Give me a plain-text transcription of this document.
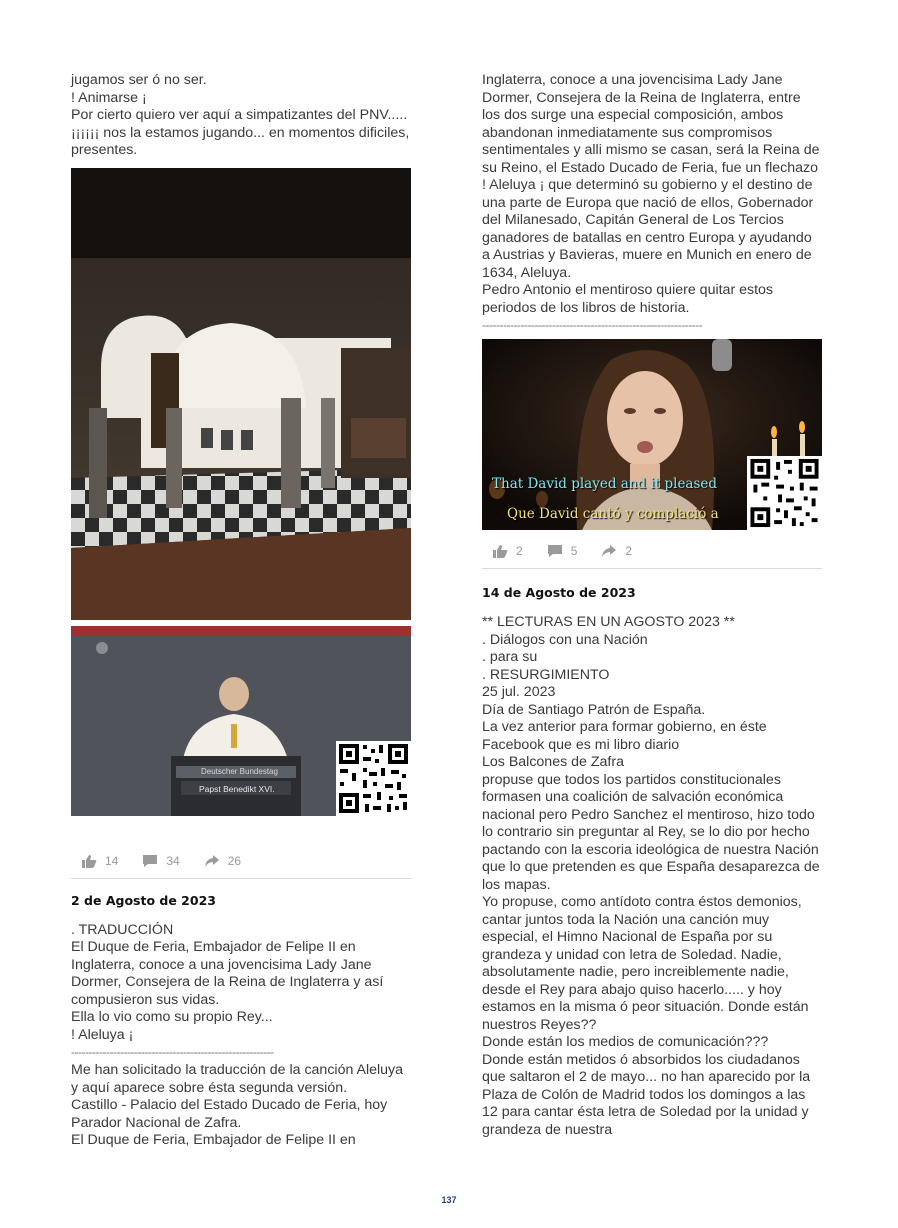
jugamos ser ó no ser.
! Animarse ¡
Por cierto quiero ver aquí a simpatizantes del PNV..... ¡¡¡¡¡¡ nos la estamos jugando... en momentos dificiles, presentes.

Deutscher Bundestag
Papst Benedikt XVI.
14	34	26

2 de Agosto de 2023

. TRADUCCIÓN
El Duque de Feria, Embajador de Felipe II en Inglaterra, conoce a una jovencisima Lady Jane Dormer, Consejera de la Reina de Inglaterra y así compusieron sus vidas.
Ella lo vio como su propio Rey...
! Aleluya ¡

----------------------------------------------------------

Me han solicitado la traducción de la canción Aleluya y aquí aparece sobre ésta segunda versión.
Castillo - Palacio del Estado Ducado de Feria, hoy Parador Nacional de Zafra.
El Duque de Feria, Embajador de Felipe II en

Inglaterra, conoce a una jovencisima Lady Jane Dormer, Consejera de la Reina de Inglaterra, entre los dos surge una especial composición, ambos abandonan inmediatamente sus compromisos sentimentales y alli mismo se casan, será la Reina de su Reino, el Estado Ducado de Feria, fue un flechazo
! Aleluya ¡ que determinó su gobierno y el destino de una parte de Europa que nació de ellos, Gobernador del Milanesado, Capitán General de Los Tercios ganadores de batallas en centro Europa y ayudando a Austrias y Bavieras, muere en Munich en enero de 1634, Aleluya.
Pedro Antonio el mentiroso quiere quitar estos periodos de los libros de historia.

---------------------------------------------------------------
That David played and it pleased
Que David cantó y complació a
2	5	2

14 de Agosto de 2023

** LECTURAS EN UN AGOSTO 2023 **
. Diálogos con una Nación
. para su
. RESURGIMIENTO
25 jul. 2023
Día de Santiago Patrón de España.
La vez anterior para formar gobierno, en éste Facebook que es mi libro diario
Los Balcones de Zafra
propuse que todos los partidos constitucionales formasen una coalición de salvación económica nacional pero Pedro Sanchez el mentiroso, hizo todo lo contrario sin preguntar al Rey, se lo dio por hecho pactando con la escoria ideológica de nuestra Nación que lo que pretenden es que España desaparezca de los mapas.
Yo propuse, como antídoto contra éstos demonios, cantar juntos toda la Nación una canción muy especial, el Himno Nacional de España por su grandeza y unidad con letra de Soledad. Nadie, absolutamente nadie, pero increiblemente nadie, desde el Rey para abajo quiso hacerlo..... y hoy estamos en la misma ó peor situación. Donde están nuestros Reyes??
Donde están los medios de comunicación???
Donde están metidos ó absorbidos los ciudadanos que saltaron el 2 de mayo... no han aparecido por la Plaza de Colón de Madrid todos los domingos a las 12 para cantar ésta letra de Soledad por la unidad y grandeza de nuestra

137
